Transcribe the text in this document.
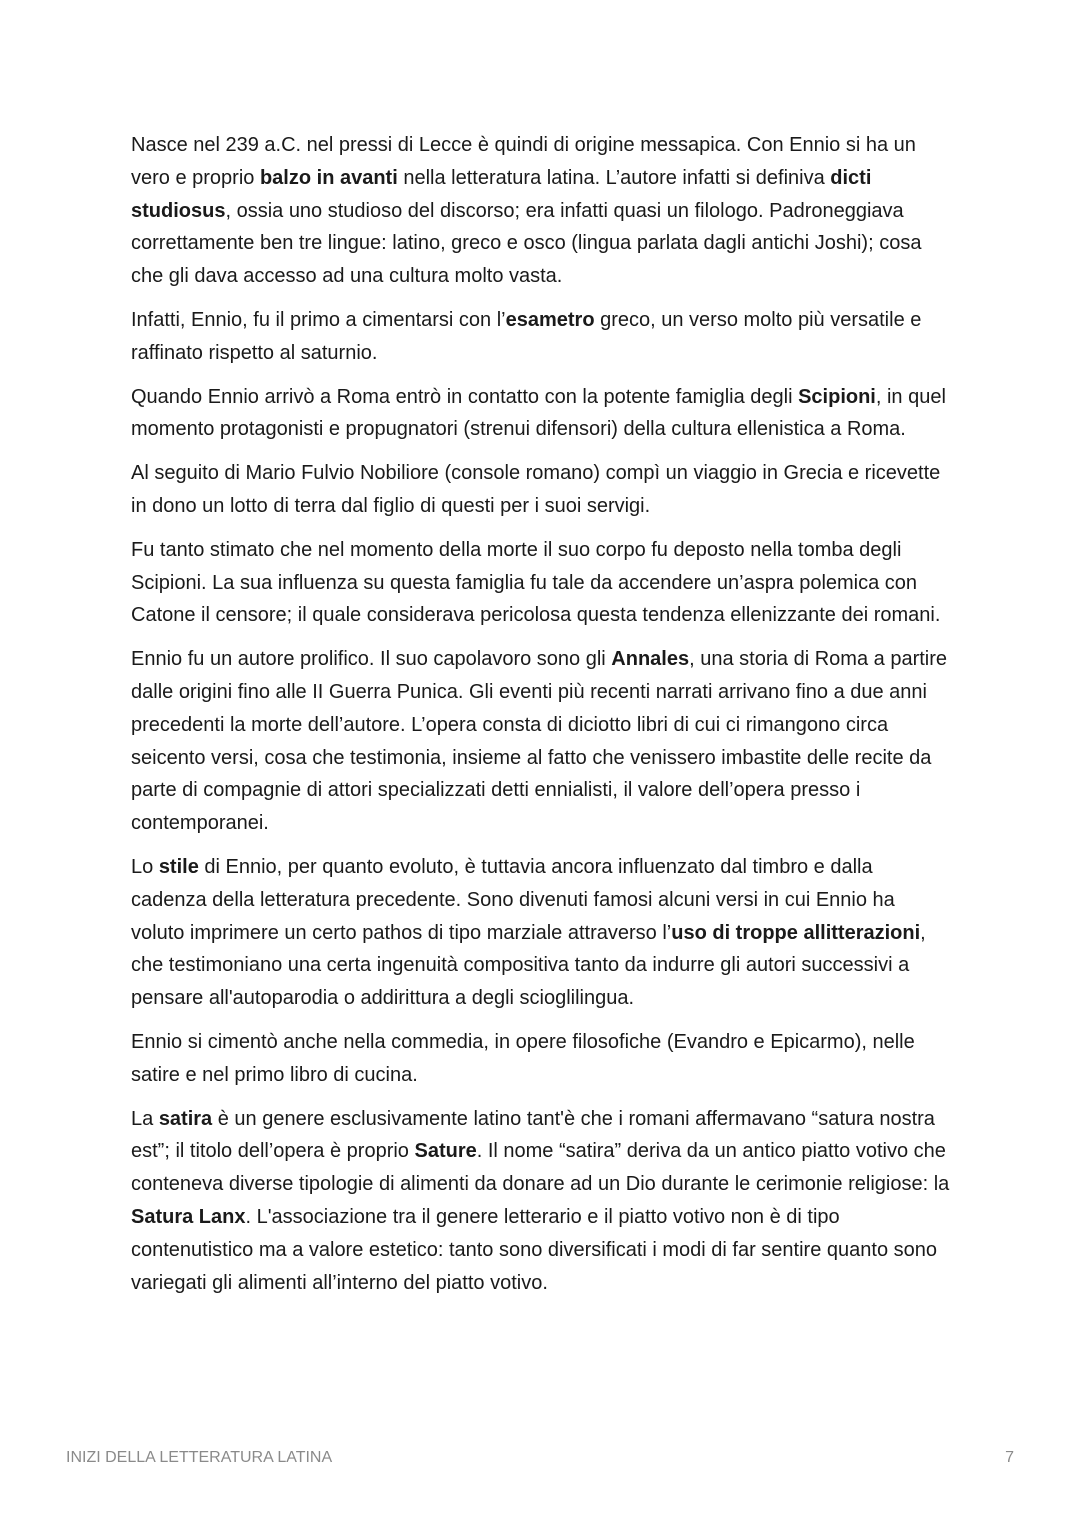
Nasce nel 239 a.C. nel pressi di Lecce è quindi di origine messapica. Con Ennio si ha un vero e proprio balzo in avanti nella letteratura latina. L’autore infatti si definiva dicti studiosus, ossia uno studioso del discorso; era infatti quasi un filologo. Padroneggiava correttamente ben tre lingue: latino, greco e osco (lingua parlata dagli antichi Joshi); cosa che gli dava accesso ad una cultura molto vasta.

Infatti, Ennio, fu il primo a cimentarsi con l’esametro greco, un verso molto più versatile e raffinato rispetto al saturnio.

Quando Ennio arrivò a Roma entrò in contatto con la potente famiglia degli Scipioni, in quel momento protagonisti e propugnatori (strenui difensori) della cultura ellenistica a Roma.

Al seguito di Mario Fulvio Nobiliore (console romano) compì un viaggio in Grecia e ricevette in dono un lotto di terra dal figlio di questi per i suoi servigi.

Fu tanto stimato che nel momento della morte il suo corpo fu deposto nella tomba degli Scipioni. La sua influenza su questa famiglia fu tale da accendere un’aspra polemica con Catone il censore; il quale considerava pericolosa questa tendenza ellenizzante dei romani.

Ennio fu un autore prolifico. Il suo capolavoro sono gli Annales, una storia di Roma a partire dalle origini fino alle II Guerra Punica. Gli eventi più recenti narrati arrivano fino a due anni precedenti la morte dell’autore. L’opera consta di diciotto libri di cui ci rimangono circa seicento versi, cosa che testimonia, insieme al fatto che venissero imbastite delle recite da parte di compagnie di attori specializzati detti ennialisti, il valore dell’opera presso i contemporanei.

Lo stile di Ennio, per quanto evoluto, è tuttavia ancora influenzato dal timbro e dalla cadenza della letteratura precedente. Sono divenuti famosi alcuni versi in cui Ennio ha voluto imprimere un certo pathos di tipo marziale attraverso l’uso di troppe allitterazioni, che testimoniano una certa ingenuità compositiva tanto da indurre gli autori successivi a pensare all'autoparodia o addirittura a degli scioglilingua.

Ennio si cimentò anche nella commedia, in opere filosofiche (Evandro e Epicarmo), nelle satire e nel primo libro di cucina.

La satira è un genere esclusivamente latino tant'è che i romani affermavano “satura nostra est”; il titolo dell’opera è proprio Sature. Il nome “satira” deriva da un antico piatto votivo che conteneva diverse tipologie di alimenti da donare ad un Dio durante le cerimonie religiose: la Satura Lanx. L'associazione tra il genere letterario e il piatto votivo non è di tipo contenutistico ma a valore estetico: tanto sono diversificati i modi di far sentire quanto sono variegati gli alimenti all’interno del piatto votivo.

INIZI DELLA LETTERATURA LATINA	7
